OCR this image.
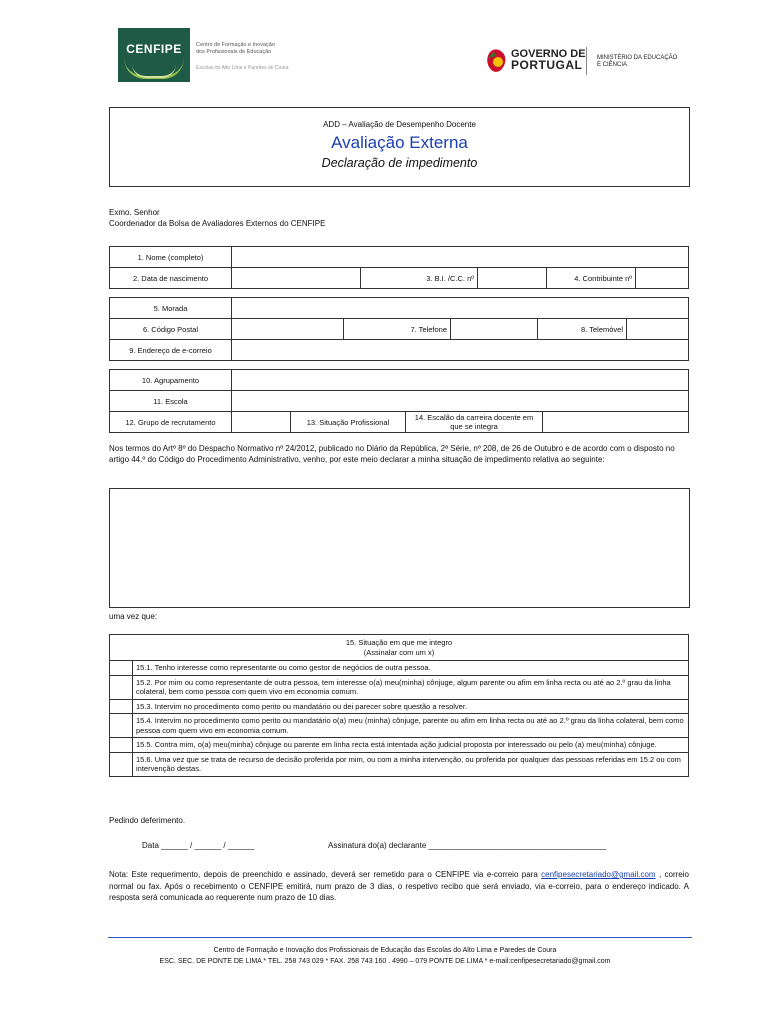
CENFIPE	Centro de Formação e Inovação
dos Profissionais de Educação
Escolas do Alto Lima e Paredes de Coura
GOVERNO DE
PORTUGAL	MINISTÉRIO DA EDUCAÇÃO
E CIÊNCIA
ADD – Avaliação de Desempenho Docente
Avaliação Externa
Declaração de impedimento
Exmo. Senhor
Coordenador da Bolsa de Avaliadores Externos do CENFIPE
1. Nome (completo)					
2. Data de nascimento		3. B.I. /C.C. nº		4. Contribuinte nº	
5. Morada					
6. Código Postal		7. Telefone		8. Telemóvel	
9. Endereço de e-correio					
10. Agrupamento				
11. Escola				
12. Grupo de recrutamento		13. Situação Profissional	14. Escalão da carreira docente em que se integra	
Nos termos do Artº 8º do Despacho Normativo nº 24/2012, publicado no Diário da República, 2ª Série, nº 208, de 26 de Outubro e de acordo com o disposto no artigo 44.º do Código do Procedimento Administrativo, venho, por este meio declarar a minha situação de impedimento relativa ao seguinte:
uma vez que:
15. Situação em que me integro
(Assinalar com um x)	

	15.1. Tenho interesse como representante ou como gestor de negócios de outra pessoa.
	15.2. Por mim ou como representante de outra pessoa, tem interesse o(a) meu(minha) cônjuge, algum parente ou afim em linha recta ou até ao 2.º grau da linha colateral, bem como pessoa com quem vivo em economia comum.
	15.3. Intervim no procedimento como perito ou mandatário ou dei parecer sobre questão a resolver.
	15.4. Intervim no procedimento como perito ou mandatário o(a) meu (minha) cônjuge, parente ou afim em linha recta ou até ao 2.º grau da linha colateral, bem como pessoa com quem vivo em economia comum.
	15.5. Contra mim, o(a) meu(minha) cônjuge ou parente em linha recta está intentada ação judicial proposta por interessado ou pelo (a) meu(minha) cônjuge.
	15.6. Uma vez que se trata de recurso de decisão proferida por mim, ou com a minha intervenção, ou proferida por qualquer das pessoas referidas em 15.2 ou com intervenção destas.
Pedindo deferimento.
Data ______ / ______ / ______	Assinatura do(a) declarante ________________________________________
Nota: Este requerimento, depois de preenchido e assinado, deverá ser remetido para o CENFIPE via e-correio para cenfipesecretariado@gmail.com , correio normal ou fax. Após o recebimento o CENFIPE emitirá, num prazo de 3 dias, o respetivo recibo que será enviado, via e-correio, para o endereço indicado. A resposta será comunicada ao requerente num prazo de 10 dias.
Centro de Formação e Inovação dos Profissionais de Educação das Escolas do Alto Lima e Paredes de Coura
ESC. SEC. DE PONTE DE LIMA * TEL. 258 743 029 * FAX. 258 743 160 . 4990 – 079 PONTE DE LIMA * e-mail:cenfipesecretariado@gmail.com
